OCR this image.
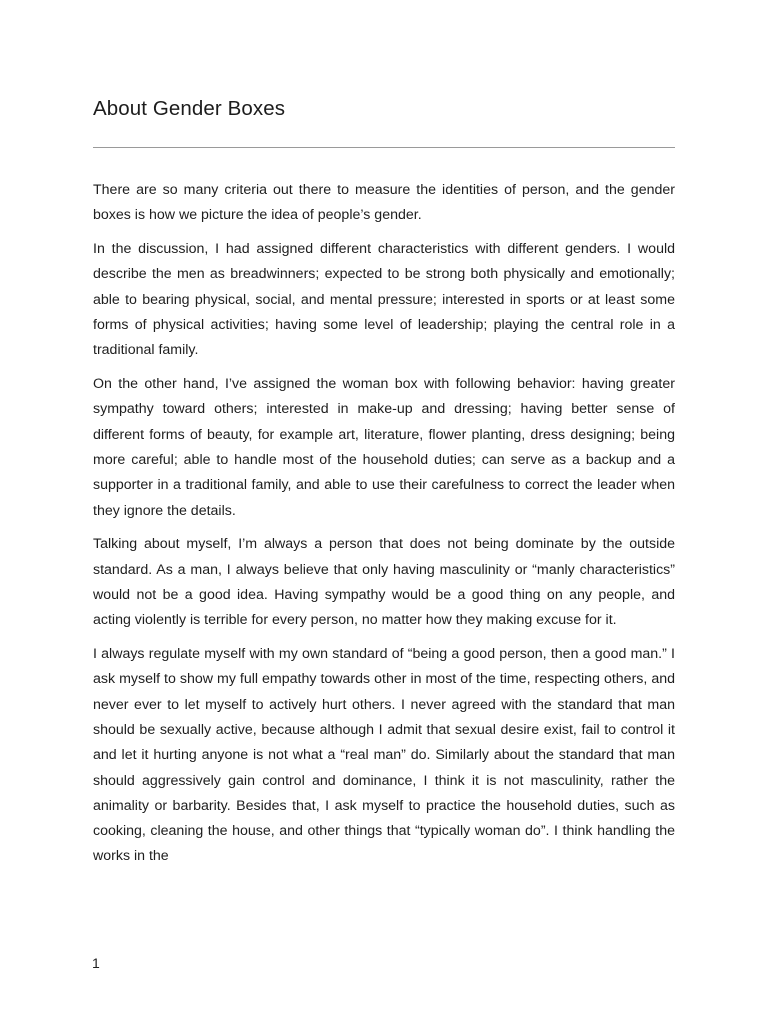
About Gender Boxes

There are so many criteria out there to measure the identities of person, and the gender boxes is how we picture the idea of people’s gender.

In the discussion, I had assigned different characteristics with different genders. I would describe the men as breadwinners; expected to be strong both physically and emotionally; able to bearing physical, social, and mental pressure; interested in sports or at least some forms of physical activities; having some level of leadership; playing the central role in a traditional family.

On the other hand, I’ve assigned the woman box with following behavior: having greater sympathy toward others; interested in make-up and dressing; having better sense of different forms of beauty, for example art, literature, flower planting, dress designing; being more careful; able to handle most of the household duties; can serve as a backup and a supporter in a traditional family, and able to use their carefulness to correct the leader when they ignore the details.

Talking about myself, I’m always a person that does not being dominate by the outside standard. As a man, I always believe that only having masculinity or “manly characteristics” would not be a good idea. Having sympathy would be a good thing on any people, and acting violently is terrible for every person, no matter how they making excuse for it.

I always regulate myself with my own standard of “being a good person, then a good man.” I ask myself to show my full empathy towards other in most of the time, respecting others, and never ever to let myself to actively hurt others. I never agreed with the standard that man should be sexually active, because although I admit that sexual desire exist, fail to control it and let it hurting anyone is not what a “real man” do. Similarly about the standard that man should aggressively gain control and dominance, I think it is not masculinity, rather the animality or barbarity. Besides that, I ask myself to practice the household duties, such as cooking, cleaning the house, and other things that “typically woman do”. I think handling the works in the

1
